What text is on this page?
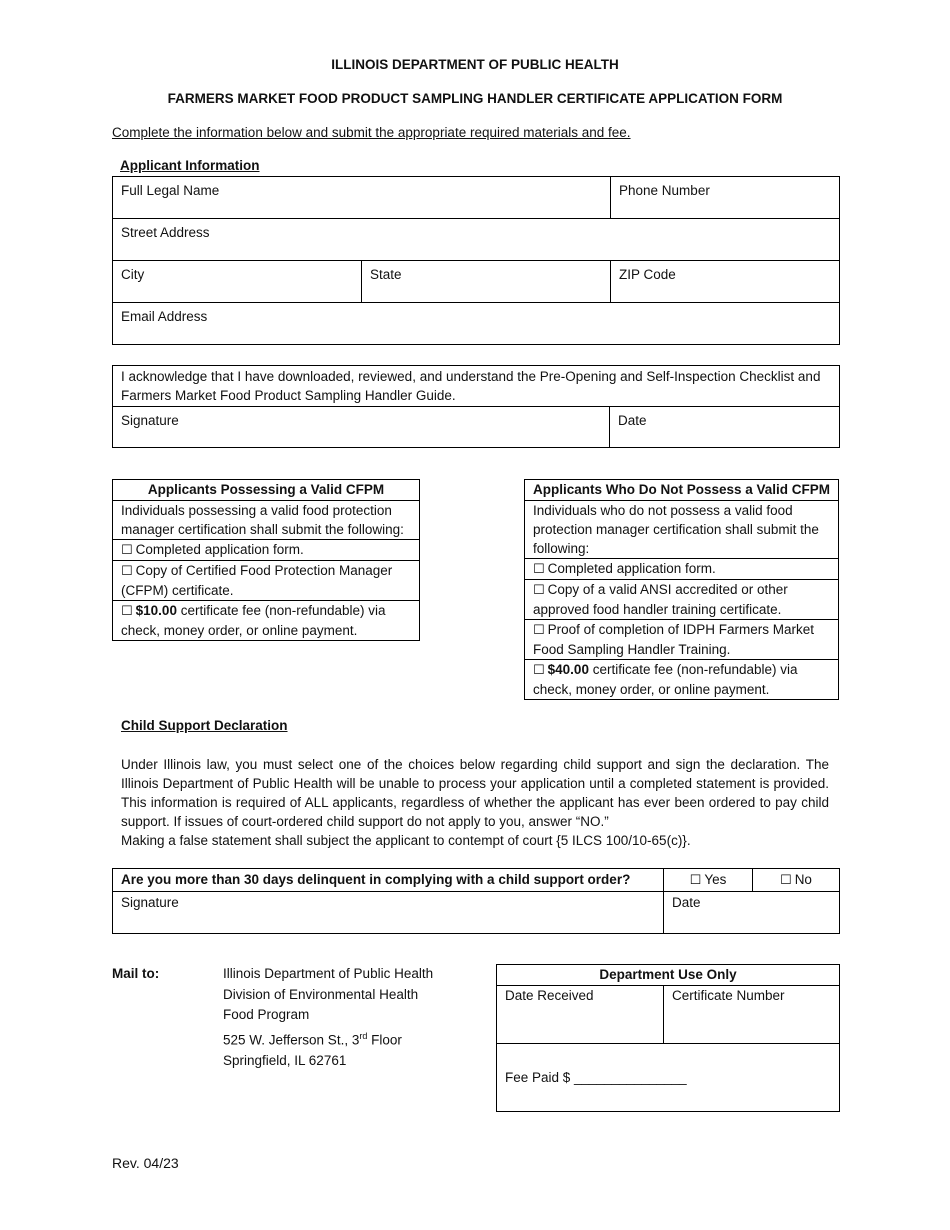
ILLINOIS DEPARTMENT OF PUBLIC HEALTH
FARMERS MARKET FOOD PRODUCT SAMPLING HANDLER CERTIFICATE APPLICATION FORM
Complete the information below and submit the appropriate required materials and fee.
Applicant Information
Full Legal Name		Phone Number

Street Address		

City	State	ZIP Code

Email Address		
I acknowledge that I have downloaded, reviewed, and understand the Pre-Opening and Self-Inspection Checklist and Farmers Market Food Product Sampling Handler Guide.

Signature	Date
Applicants Possessing a Valid CFPM
Individuals possessing a valid food protection manager certification shall submit the following:
☐ Completed application form.
☐ Copy of Certified Food Protection Manager (CFPM) certificate.
☐ $10.00 certificate fee (non-refundable) via check, money order, or online payment.
Applicants Who Do Not Possess a Valid CFPM
Individuals who do not possess a valid food protection manager certification shall submit the following:
☐ Completed application form.
☐ Copy of a valid ANSI accredited or other approved food handler training certificate.
☐ Proof of completion of IDPH Farmers Market Food Sampling Handler Training.
☐ $40.00 certificate fee (non-refundable) via check, money order, or online payment.
Child Support Declaration
Under Illinois law, you must select one of the choices below regarding child support and sign the declaration. The Illinois Department of Public Health will be unable to process your application until a completed statement is provided. This information is required of ALL applicants, regardless of whether the applicant has ever been ordered to pay child support. If issues of court-ordered child support do not apply to you, answer “NO.”
Making a false statement shall subject the applicant to contempt of court {5 ILCS 100/10-65(c)}.
Are you more than 30 days delinquent in complying with a child support order?	☐ Yes	☐ No

Signature	Date	
Mail to:	Illinois Department of Public Health
Division of Environmental Health
Food Program
525 W. Jefferson St., 3rd Floor
Springfield, IL 62761
Department Use Only

Date Received	Certificate Number

Fee Paid $ _______________
Rev. 04/23
